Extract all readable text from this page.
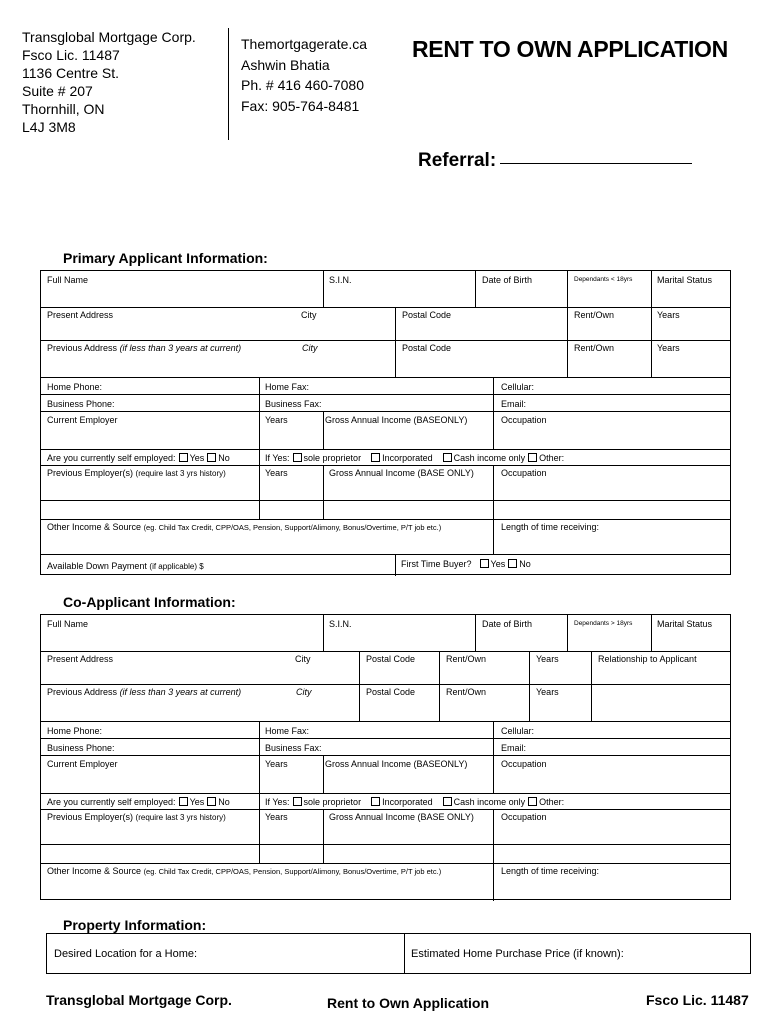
Transglobal Mortgage Corp.
Fsco Lic. 11487
1136 Centre St.
Suite # 207
Thornhill, ON
L4J 3M8
Themortgagerate.ca
Ashwin Bhatia
Ph. # 416 460-7080
Fax: 905-764-8481
RENT TO OWN APPLICATION
Referral:
Primary Applicant Information:
Full Name	S.I.N.	Date of Birth	Dependants < 18yrs	Marital Status
Present Address	City	Postal Code	Rent/Own	Years
Previous Address (if less than 3 years at current)	City	Postal Code	Rent/Own	Years
Home Phone:	Home Fax:	Cellular:
Business Phone:	Business Fax:	Email:
Current Employer	Years	Gross Annual Income (BASEONLY)	Occupation
Are you currently self employed: Yes No	If Yes: sole proprietor Incorporated Cash income only Other:
Previous Employer(s) (require last 3 yrs history)	Years	Gross Annual Income (BASE ONLY)	Occupation
Other Income & Source (eg. Child Tax Credit, CPP/OAS, Pension, Support/Alimony, Bonus/Overtime, P/T job etc.)	Length of time receiving:
Available Down Payment (if applicable) $	First Time Buyer? Yes No
Co-Applicant Information:
Full Name	S.I.N.	Date of Birth	Dependants > 18yrs	Marital Status
Present Address	City	Postal Code	Rent/Own	Years	Relationship to Applicant
Previous Address (if less than 3 years at current)	City	Postal Code	Rent/Own	Years
Home Phone:	Home Fax:	Cellular:
Business Phone:	Business Fax:	Email:
Current Employer	Years	Gross Annual Income (BASEONLY)	Occupation
Are you currently self employed: Yes No	If Yes: sole proprietor Incorporated Cash income only Other:
Previous Employer(s) (require last 3 yrs history)	Years	Gross Annual Income (BASE ONLY)	Occupation
Other Income & Source (eg. Child Tax Credit, CPP/OAS, Pension, Support/Alimony, Bonus/Overtime, P/T job etc.)	Length of time receiving:
Property Information:
Desired Location for a Home:	Estimated Home Purchase Price (if known):
Transglobal Mortgage Corp.	Rent to Own Application	Fsco Lic. 11487
